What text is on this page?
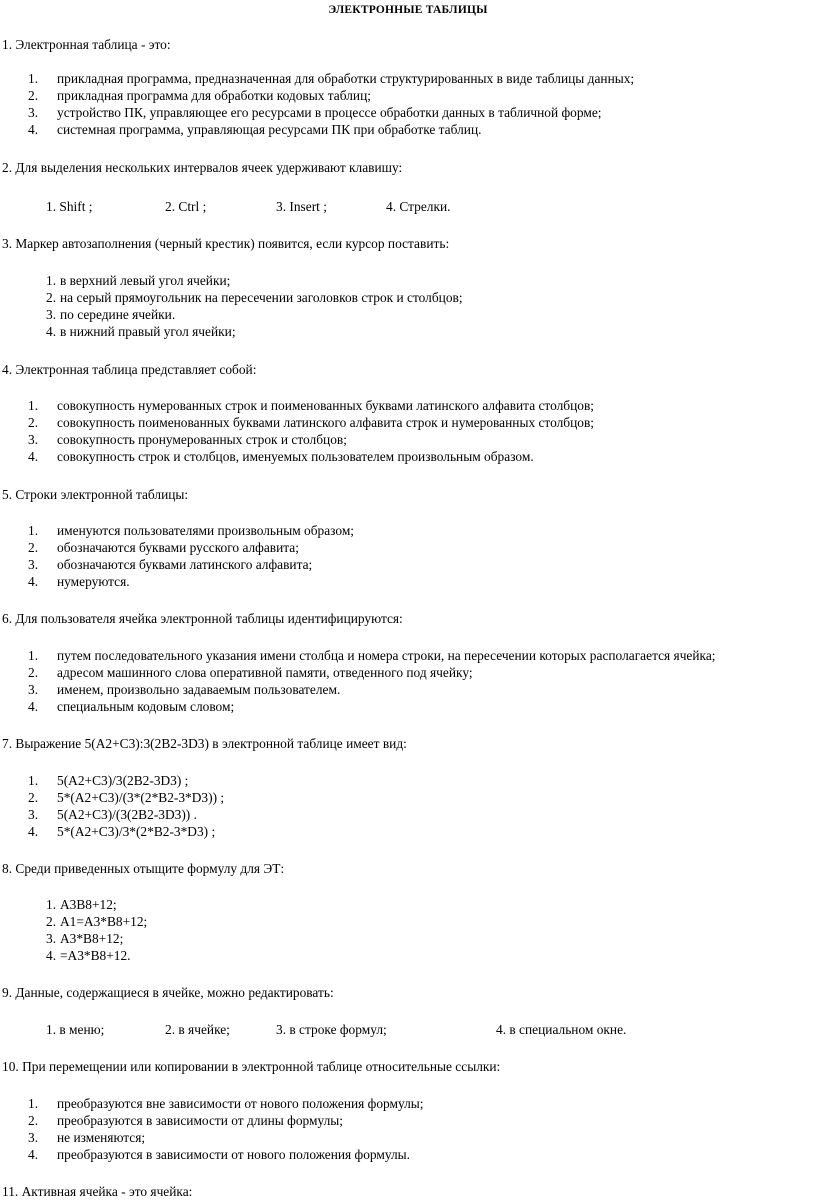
ЭЛЕКТРОННЫЕ ТАБЛИЦЫ
1. Электронная таблица - это:
1. прикладная программа, предназначенная для обработки структурированных в виде таблицы данных;
2. прикладная программа для обработки кодовых таблиц;
3. устройство ПК, управляющее его ресурсами в процессе обработки данных в табличной форме;
4. системная программа, управляющая ресурсами ПК при обработке таблиц.
2. Для выделения нескольких интервалов ячеек удерживают клавишу:
1. Shift ;	2. Ctrl ;	3. Insert ;	4. Стрелки.
3. Маркер автозаполнения (черный крестик) появится, если курсор поставить:
1. в верхний левый угол ячейки;
2. на серый прямоугольник на пересечении заголовков строк и столбцов;
3. по середине ячейки.
4. в нижний правый угол ячейки;
4. Электронная таблица представляет собой:
1. совокупность нумерованных строк и поименованных буквами латинского алфавита столбцов;
2. совокупность поименованных буквами латинского алфавита строк и нумерованных столбцов;
3. совокупность пронумерованных строк и столбцов;
4. совокупность строк и столбцов, именуемых пользователем произвольным образом.
5. Строки электронной таблицы:
1. именуются пользователями произвольным образом;
2. обозначаются буквами русского алфавита;
3. обозначаются буквами латинского алфавита;
4. нумеруются.
6. Для пользователя ячейка электронной таблицы идентифицируются:
1. путем последовательного указания имени столбца и номера строки, на пересечении которых располагается ячейка;
2. адресом машинного слова оперативной памяти, отведенного под ячейку;
3. именем, произвольно задаваемым пользователем.
4. специальным кодовым словом;
7. Выражение 5(A2+C3):3(2B2-3D3) в электронной таблице имеет вид:
1. 5(A2+C3)/3(2B2-3D3) ;
2. 5*(A2+C3)/(3*(2*B2-3*D3)) ;
3. 5(A2+C3)/(3(2B2-3D3)) .
4. 5*(A2+C3)/3*(2*B2-3*D3) ;
8. Среди приведенных отыщите формулу для ЭТ:
1. A3B8+12;
2. A1=A3*B8+12;
3. A3*B8+12;
4. =A3*B8+12.
9. Данные, содержащиеся в ячейке, можно редактировать:
1. в меню;	2. в ячейке;	3. в строке формул;	4. в специальном окне.
10. При перемещении или копировании в электронной таблице относительные ссылки:
1. преобразуются вне зависимости от нового положения формулы;
2. преобразуются в зависимости от длины формулы;
3. не изменяются;
4. преобразуются в зависимости от нового положения формулы.
11. Активная ячейка - это ячейка:
